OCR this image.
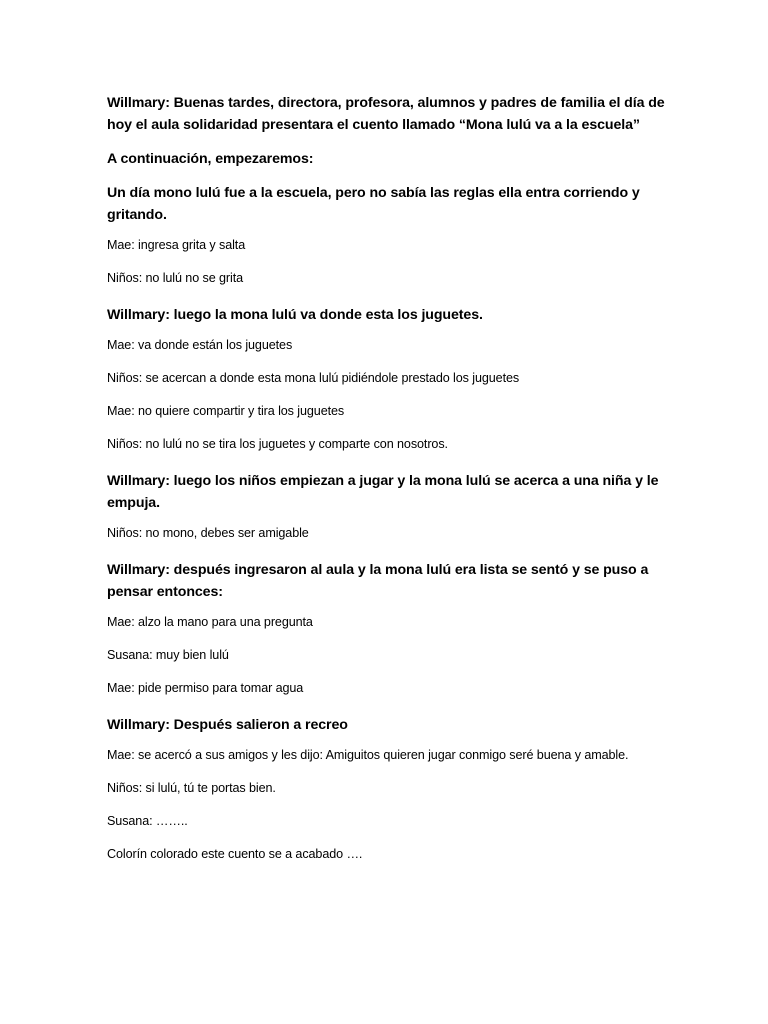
Willmary: Buenas tardes, directora, profesora, alumnos y padres de familia el día de hoy el aula solidaridad presentara el cuento llamado “Mona lulú va a la escuela”

A continuación, empezaremos:

Un día mono lulú fue a la escuela, pero no sabía las reglas ella entra corriendo y gritando.

Mae: ingresa grita y salta

Niños: no lulú no se grita

Willmary: luego la mona lulú va donde esta los juguetes.

Mae: va donde están los juguetes

Niños: se acercan a donde esta mona lulú pidiéndole prestado los juguetes

Mae: no quiere compartir y tira los juguetes

Niños: no lulú no se tira los juguetes y comparte con nosotros.

Willmary: luego los niños empiezan a jugar y la mona lulú se acerca a una niña y le empuja.

Niños: no mono, debes ser amigable

Willmary: después ingresaron al aula y la mona lulú era lista se sentó y se puso a pensar entonces:

Mae: alzo la mano para una pregunta

Susana: muy bien lulú

Mae: pide permiso para tomar agua

Willmary: Después salieron a recreo

Mae: se acercó a sus amigos y les dijo: Amiguitos quieren jugar conmigo seré buena y amable.

Niños: si lulú, tú te portas bien.

Susana: ……..

Colorín colorado este cuento se a acabado ….
